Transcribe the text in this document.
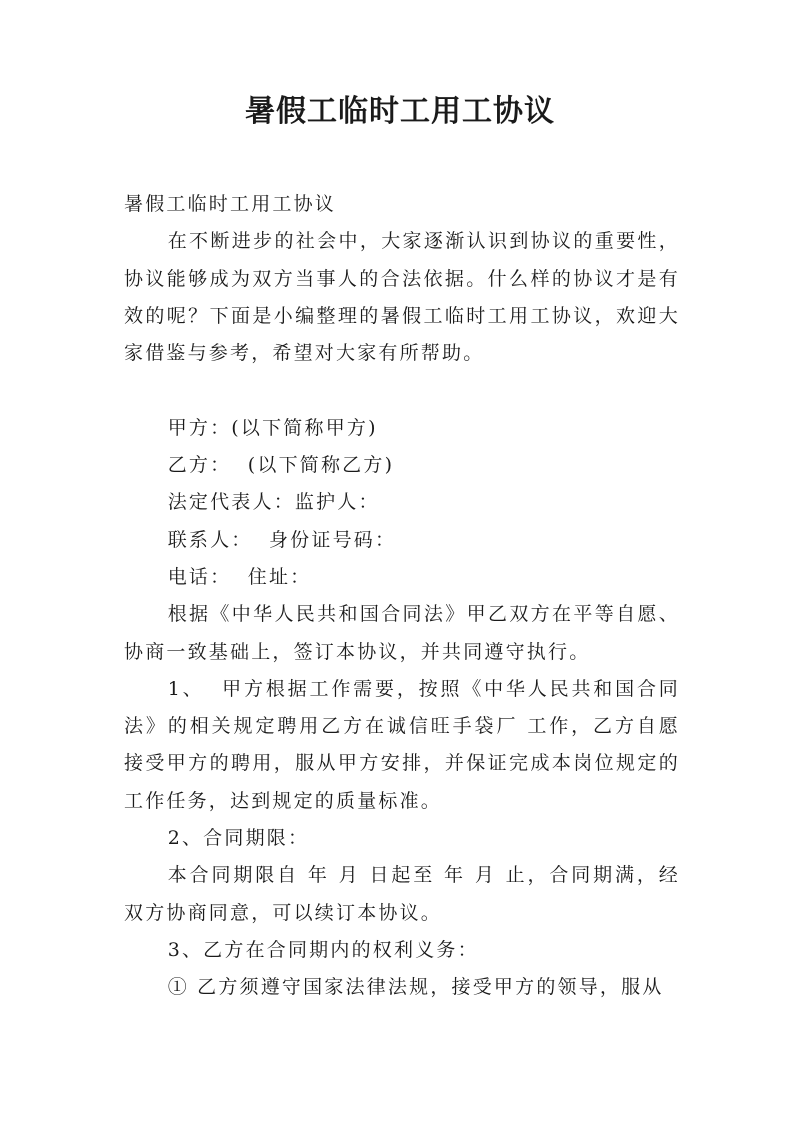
暑假工临时工用工协议

暑假工临时工用工协议

在不断进步的社会中，大家逐渐认识到协议的重要性，协议能够成为双方当事人的合法依据。什么样的协议才是有效的呢？下面是小编整理的暑假工临时工用工协议，欢迎大家借鉴与参考，希望对大家有所帮助。

甲方：(以下简称甲方)

乙方：  (以下简称乙方)

法定代表人：监护人：

联系人：  身份证号码：

电话：  住址：

根据《中华人民共和国合同法》甲乙双方在平等自愿、协商一致基础上，签订本协议，并共同遵守执行。

1、  甲方根据工作需要，按照《中华人民共和国合同法》的相关规定聘用乙方在诚信旺手袋厂 工作，乙方自愿接受甲方的聘用，服从甲方安排，并保证完成本岗位规定的工作任务，达到规定的质量标准。

2、合同期限：

本合同期限自 年 月 日起至 年 月 止，合同期满，经双方协商同意，可以续订本协议。

3、乙方在合同期内的权利义务：

① 乙方须遵守国家法律法规，接受甲方的领导，服从
